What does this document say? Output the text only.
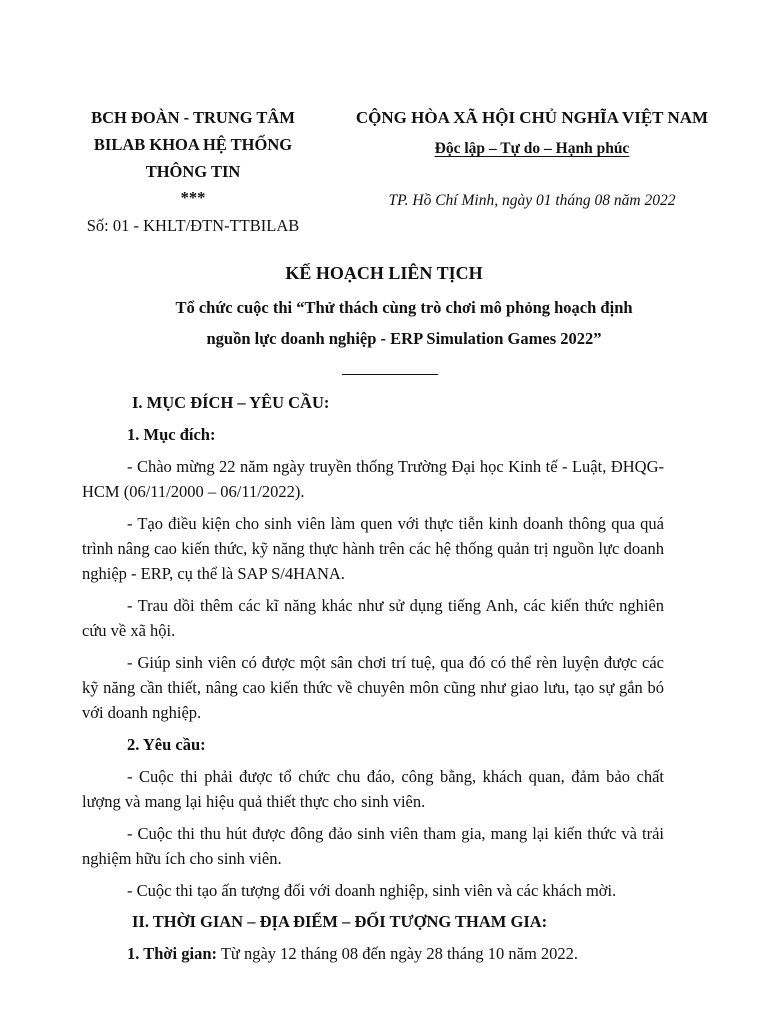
BCH ĐOÀN - TRUNG TÂM
BILAB KHOA HỆ THỐNG
THÔNG TIN
***
Số: 01 - KHLT/ĐTN-TTBILAB
CỘNG HÒA XÃ HỘI CHỦ NGHĨA VIỆT NAM
Độc lập – Tự do – Hạnh phúc
TP. Hồ Chí Minh, ngày 01 tháng 08 năm 2022
KẾ HOẠCH LIÊN TỊCH
Tổ chức cuộc thi “Thử thách cùng trò chơi mô phỏng hoạch định
nguồn lực doanh nghiệp - ERP Simulation Games 2022”

I. MỤC ĐÍCH – YÊU CẦU:

1. Mục đích:

- Chào mừng 22 năm ngày truyền thống Trường Đại học Kinh tế - Luật, ĐHQG-HCM (06/11/2000 – 06/11/2022).

- Tạo điều kiện cho sinh viên làm quen với thực tiễn kinh doanh thông qua quá trình nâng cao kiến thức, kỹ năng thực hành trên các hệ thống quản trị nguồn lực doanh nghiệp - ERP, cụ thể là SAP S/4HANA.

- Trau dồi thêm các kĩ năng khác như sử dụng tiếng Anh, các kiến thức nghiên cứu về xã hội.

- Giúp sinh viên có được một sân chơi trí tuệ, qua đó có thể rèn luyện được các kỹ năng cần thiết, nâng cao kiến thức về chuyên môn cũng như giao lưu, tạo sự gắn bó với doanh nghiệp.

2. Yêu cầu:

- Cuộc thi phải được tổ chức chu đáo, công bằng, khách quan, đảm bảo chất lượng và mang lại hiệu quả thiết thực cho sinh viên.

- Cuộc thi thu hút được đông đảo sinh viên tham gia, mang lại kiến thức và trải nghiệm hữu ích cho sinh viên.

- Cuộc thi tạo ấn tượng đối với doanh nghiệp, sinh viên và các khách mời.

II. THỜI GIAN – ĐỊA ĐIỂM – ĐỐI TƯỢNG THAM GIA:

1. Thời gian: Từ ngày 12 tháng 08 đến ngày 28 tháng 10 năm 2022.
